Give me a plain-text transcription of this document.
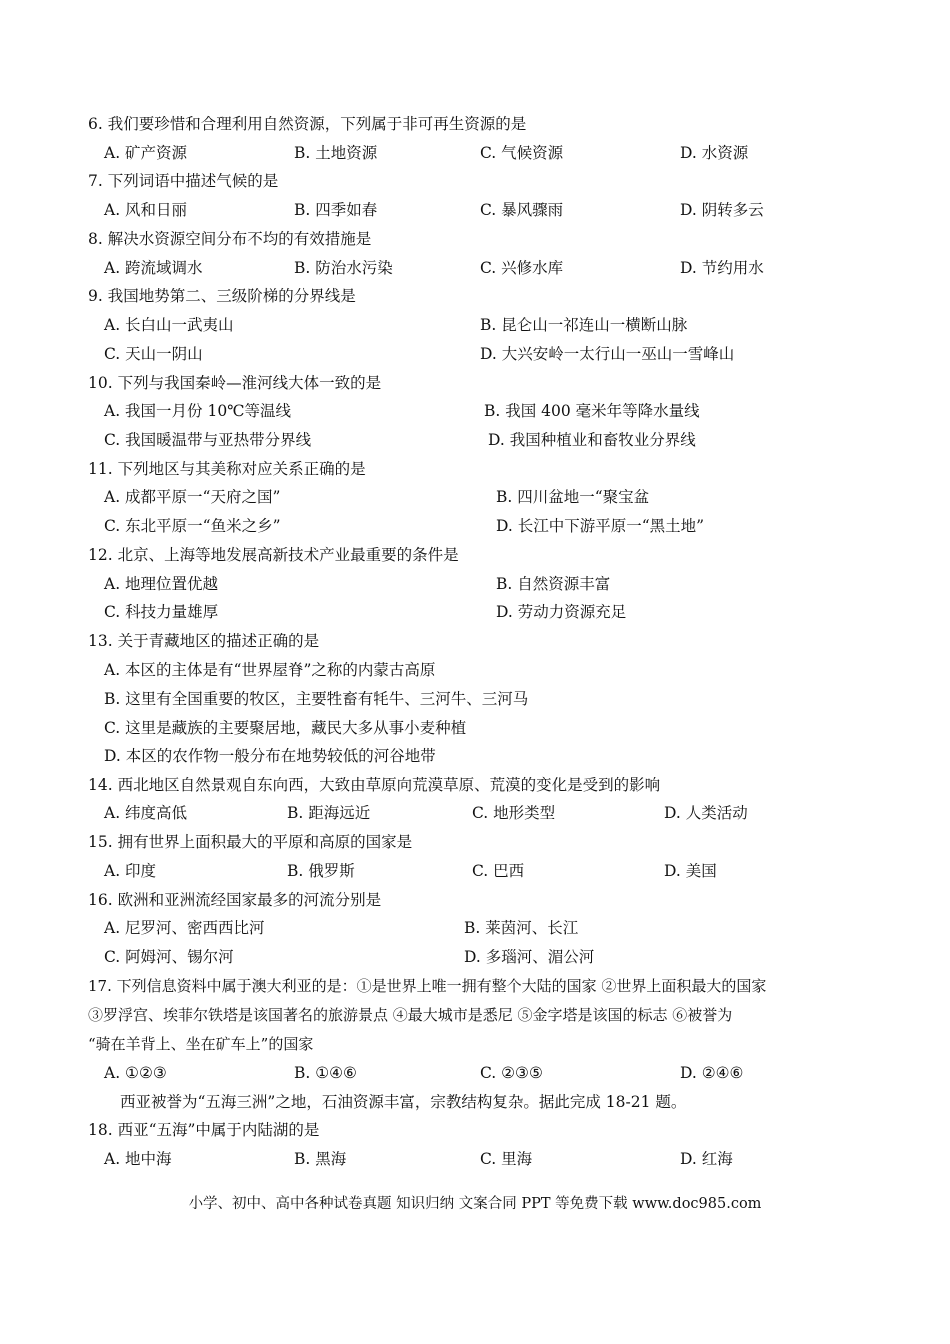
6. 我们要珍惜和合理利用自然资源，下列属于非可再生资源的是
A. 矿产资源	B. 土地资源	C. 气候资源	D. 水资源
7. 下列词语中描述气候的是
A. 风和日丽	B. 四季如春	C. 暴风骤雨	D. 阴转多云
8. 解决水资源空间分布不均的有效措施是
A. 跨流域调水	B. 防治水污染	C. 兴修水库	D. 节约用水
9. 我国地势第二、三级阶梯的分界线是
A. 长白山一武夷山	B. 昆仑山一祁连山一横断山脉
C. 天山一阴山	D. 大兴安岭一太行山一巫山一雪峰山
10. 下列与我国秦岭—淮河线大体一致的是
A. 我国一月份 10℃等温线	B. 我国 400 毫米年等降水量线
C. 我国暖温带与亚热带分界线	D. 我国种植业和畜牧业分界线
11. 下列地区与其美称对应关系正确的是
A. 成都平原一“天府之国”	B. 四川盆地一“聚宝盆
C. 东北平原一“鱼米之乡”	D. 长江中下游平原一“黑土地”
12. 北京、上海等地发展高新技术产业最重要的条件是
A. 地理位置优越	B. 自然资源丰富
C. 科技力量雄厚	D. 劳动力资源充足
13. 关于青藏地区的描述正确的是
A. 本区的主体是有“世界屋脊”之称的内蒙古高原
B. 这里有全国重要的牧区，主要牲畜有牦牛、三河牛、三河马
C. 这里是藏族的主要聚居地，藏民大多从事小麦种植
D. 本区的农作物一般分布在地势较低的河谷地带
14. 西北地区自然景观自东向西，大致由草原向荒漠草原、荒漠的变化是受到的影响
A. 纬度高低	B. 距海远近	C. 地形类型	D. 人类活动
15. 拥有世界上面积最大的平原和高原的国家是
A. 印度	B. 俄罗斯	C. 巴西	D. 美国
16. 欧洲和亚洲流经国家最多的河流分别是
A. 尼罗河、密西西比河	B. 莱茵河、长江
C. 阿姆河、锡尔河	D. 多瑙河、湄公河
17. 下列信息资料中属于澳大利亚的是：①是世界上唯一拥有整个大陆的国家 ②世界上面积最大的国家
③罗浮宫、埃菲尔铁塔是该国著名的旅游景点 ④最大城市是悉尼 ⑤金字塔是该国的标志 ⑥被誉为
“骑在羊背上、坐在矿车上”的国家
A. ①②③	B. ①④⑥	C. ②③⑤	D. ②④⑥
西亚被誉为“五海三洲”之地，石油资源丰富，宗教结构复杂。据此完成 18-21 题。
18. 西亚“五海”中属于内陆湖的是
A. 地中海	B. 黑海	C. 里海	D. 红海
小学、初中、高中各种试卷真题 知识归纳 文案合同 PPT 等免费下载 www.doc985.com
